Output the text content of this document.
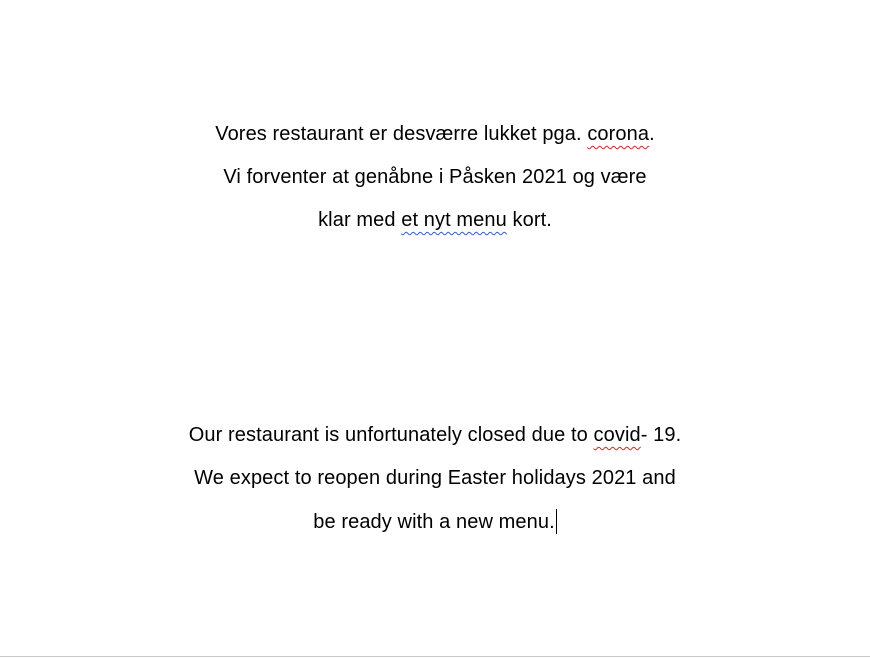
Vores restaurant er desværre lukket pga. corona.
Vi forventer at genåbne i Påsken 2021 og være
klar med et nyt menu kort.
Our restaurant is unfortunately closed due to covid- 19.
We expect to reopen during Easter holidays 2021 and
be ready with a new menu.
